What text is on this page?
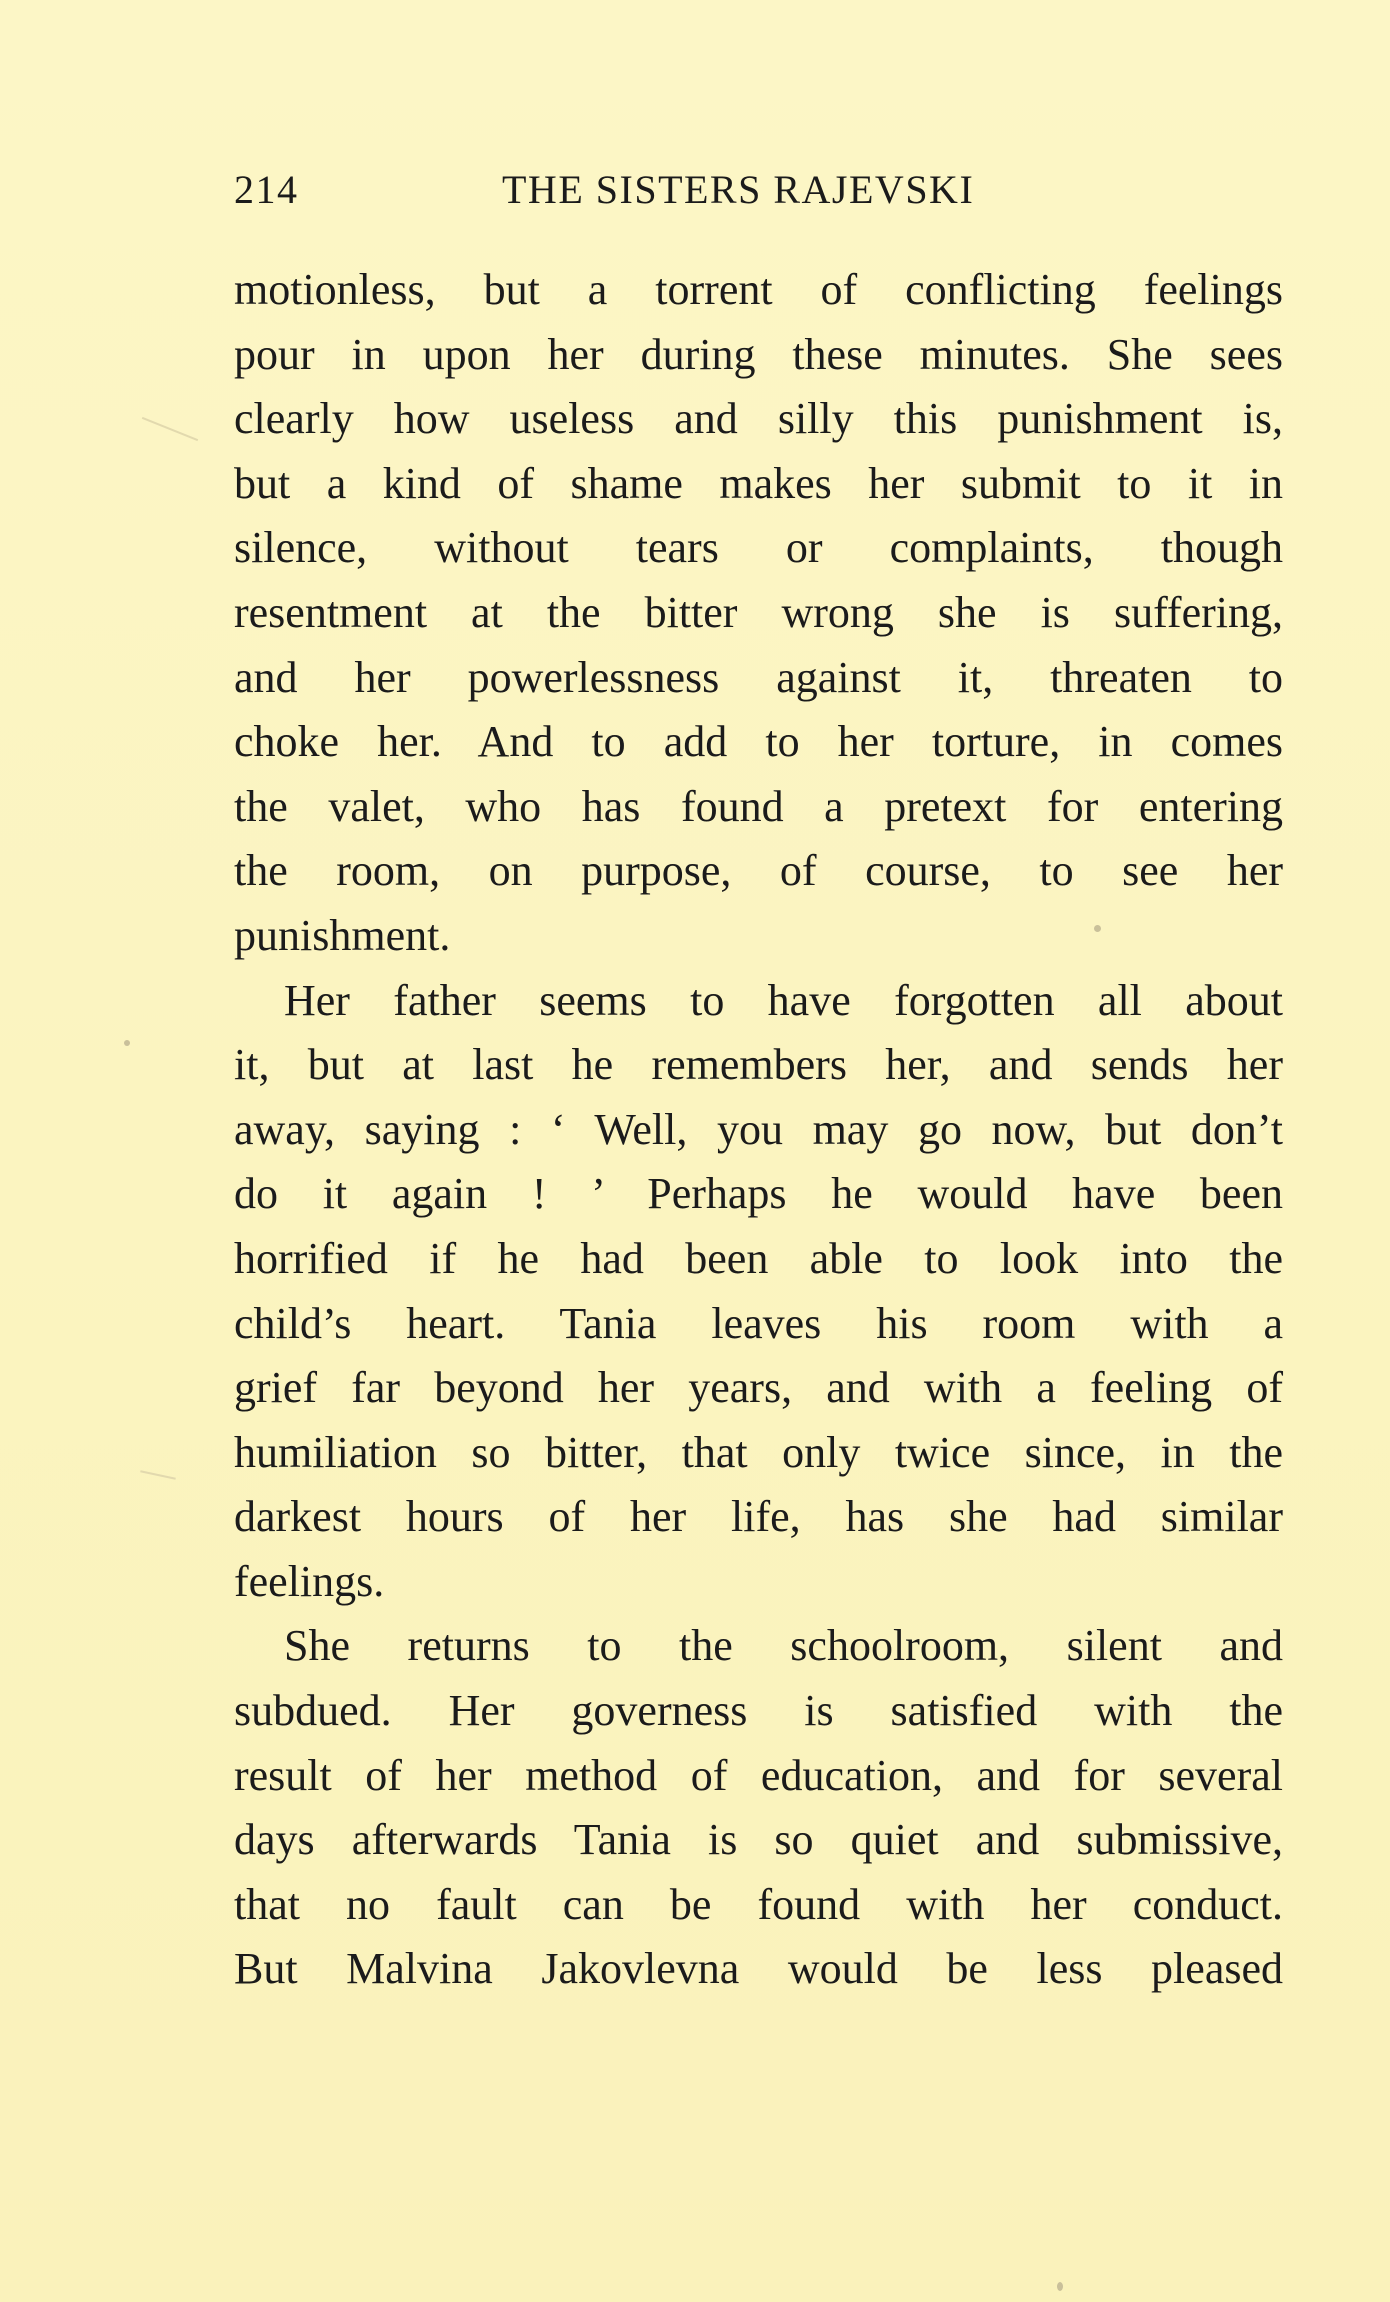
214	THE SISTERS RAJEVSKI
motionless, but a torrent of conflicting feelings
pour in upon her during these minutes. She sees
clearly how useless and silly this punishment is,
but a kind of shame makes her submit to it in
silence, without tears or complaints, though
resentment at the bitter wrong she is suffering,
and her powerlessness against it, threaten to
choke her. And to add to her torture, in comes
the valet, who has found a pretext for entering
the room, on purpose, of course, to see her
punishment.
Her father seems to have forgotten all about
it, but at last he remembers her, and sends her
away, saying : ‘ Well, you may go now, but don’t
do it again ! ’ Perhaps he would have been
horrified if he had been able to look into the
child’s heart. Tania leaves his room with a
grief far beyond her years, and with a feeling of
humiliation so bitter, that only twice since, in the
darkest hours of her life, has she had similar
feelings.
She returns to the schoolroom, silent and
subdued. Her governess is satisfied with the
result of her method of education, and for several
days afterwards Tania is so quiet and submissive,
that no fault can be found with her conduct.
But Malvina Jakovlevna would be less pleased
